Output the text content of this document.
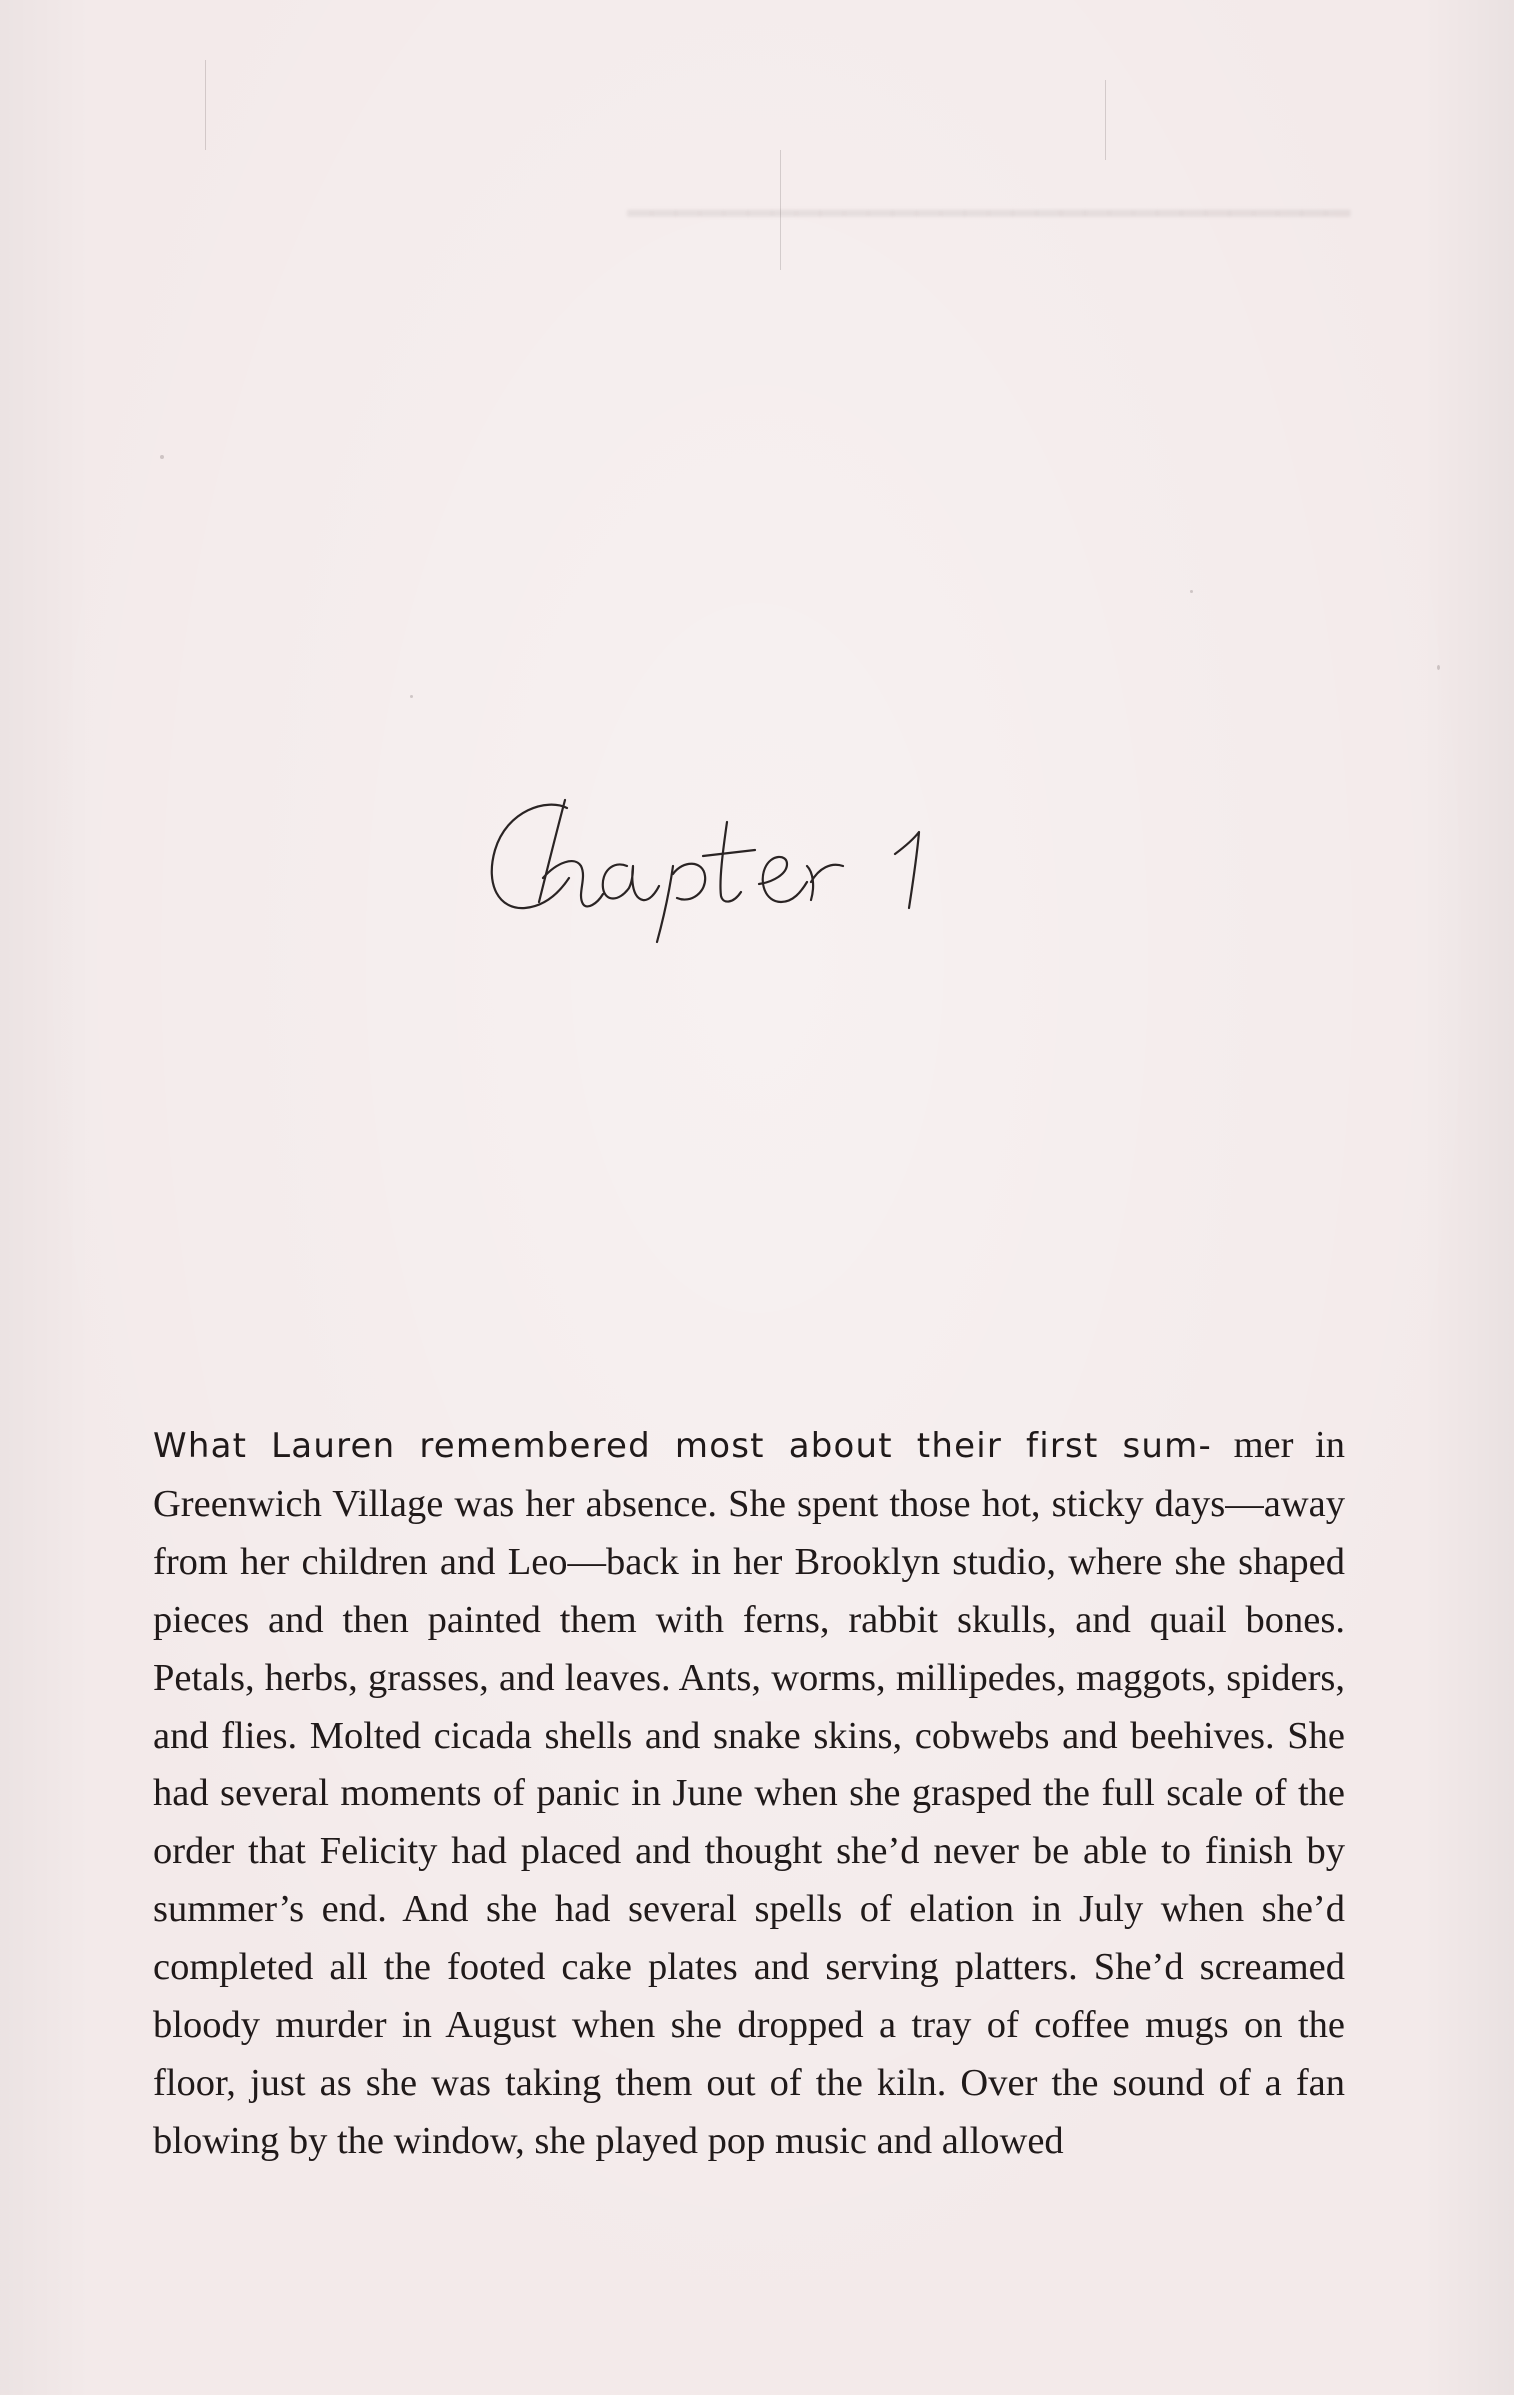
━━━━━━━━━━━━━━━━━━━━━━━━━━━━━━

What Lauren remembered most about their first sum- mer in Greenwich Village was her absence. She spent those hot, sticky days—away from her children and Leo—back in her Brooklyn studio, where she shaped pieces and then painted them with ferns, rabbit skulls, and quail bones. Petals, herbs, grasses, and leaves. Ants, worms, millipedes, maggots, spiders, and flies. Molted cicada shells and snake skins, cobwebs and beehives. She had several moments of panic in June when she grasped the full scale of the order that Felicity had placed and thought she’d never be able to finish by summer’s end. And she had several spells of elation in July when she’d completed all the footed cake plates and serving platters. She’d screamed bloody murder in August when she dropped a tray of coffee mugs on the floor, just as she was taking them out of the kiln. Over the sound of a fan blowing by the window, she played pop music and allowed
